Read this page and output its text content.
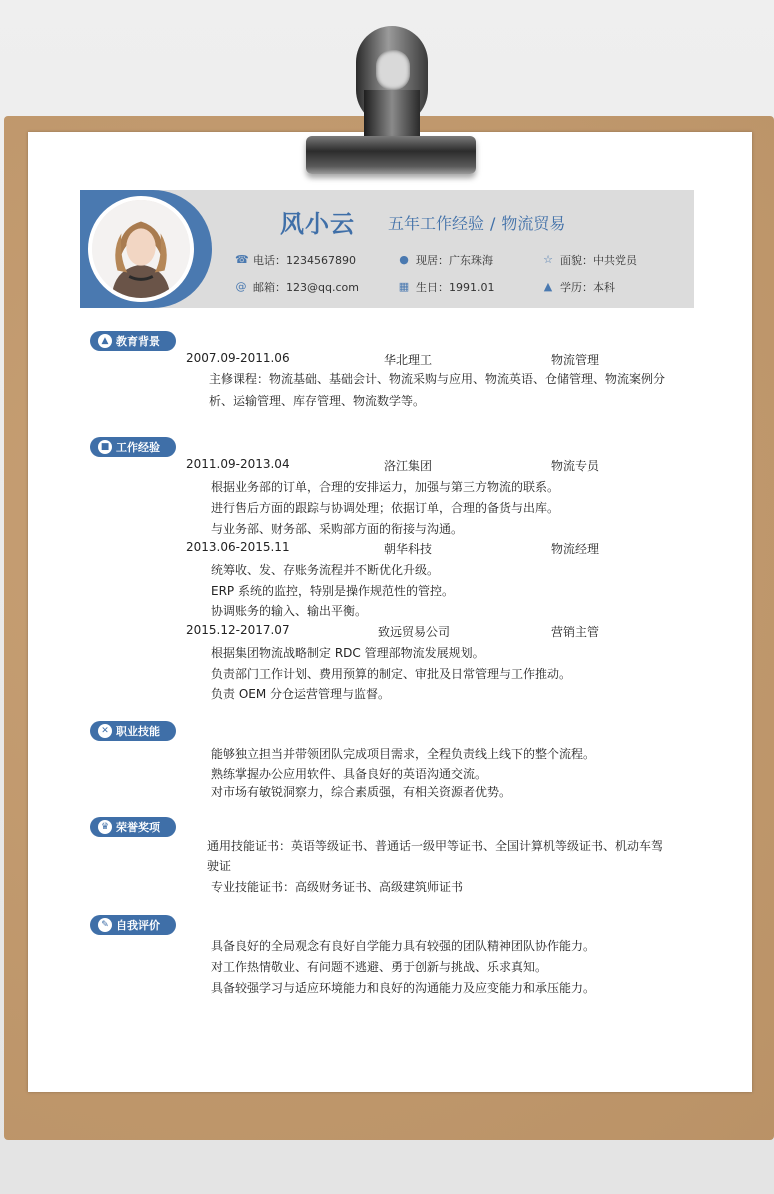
风小云 五年工作经验 / 物流贸易
☎ 电话：1234567890	● 现居：广东珠海	☆ 面貌：中共党员
@ 邮箱：123@qq.com	▦ 生日：1991.01	▲ 学历：本科
▲ 教育背景
2007.09-2011.06	华北理工	物流管理
主修课程：物流基础、基础会计、物流采购与应用、物流英语、仓储管理、物流案例分析、运输管理、库存管理、物流数学等。
■ 工作经验
2011.09-2013.04	洛江集团	物流专员
根据业务部的订单，合理的安排运力，加强与第三方物流的联系。
进行售后方面的跟踪与协调处理；依据订单，合理的备货与出库。
与业务部、财务部、采购部方面的衔接与沟通。
2013.06-2015.11	朝华科技	物流经理
统筹收、发、存账务流程并不断优化升级。
ERP 系统的监控，特别是操作规范性的管控。
协调账务的输入、输出平衡。
2015.12-2017.07	致远贸易公司	营销主管
根据集团物流战略制定 RDC 管理部物流发展规划。
负责部门工作计划、费用预算的制定、审批及日常管理与工作推动。
负责 OEM 分仓运营管理与监督。
✕ 职业技能
能够独立担当并带领团队完成项目需求，全程负责线上线下的整个流程。
熟练掌握办公应用软件、具备良好的英语沟通交流。
对市场有敏锐洞察力，综合素质强，有相关资源者优势。
♛ 荣誉奖项
通用技能证书：英语等级证书、普通话一级甲等证书、全国计算机等级证书、机动车驾驶证
专业技能证书：高级财务证书、高级建筑师证书
✎ 自我评价
具备良好的全局观念有良好自学能力具有较强的团队精神团队协作能力。
对工作热情敬业、有问题不逃避、勇于创新与挑战、乐求真知。
具备较强学习与适应环境能力和良好的沟通能力及应变能力和承压能力。
